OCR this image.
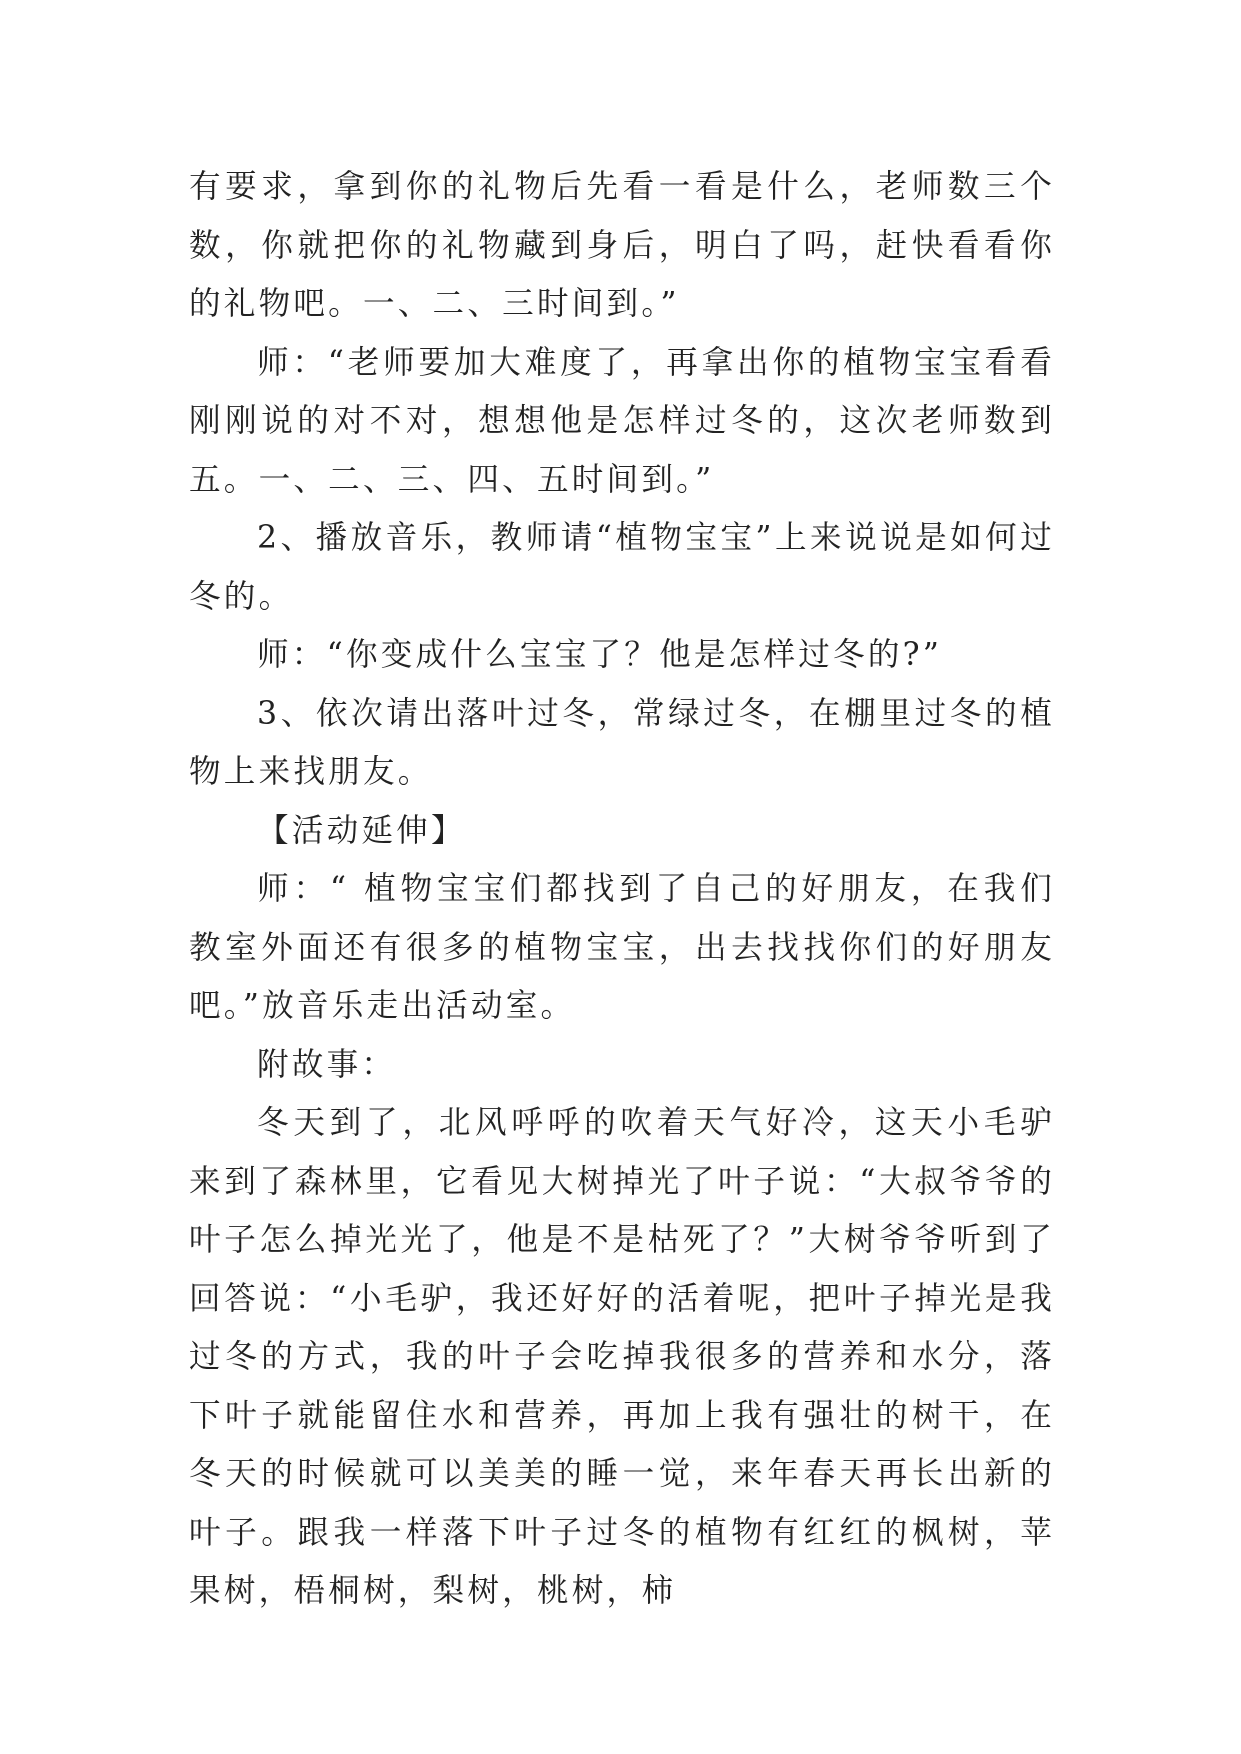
有要求，拿到你的礼物后先看一看是什么，老师数三个数，你就把你的礼物藏到身后，明白了吗，赶快看看你的礼物吧。一、二、三时间到。”

师：“老师要加大难度了，再拿出你的植物宝宝看看刚刚说的对不对，想想他是怎样过冬的，这次老师数到五。一、二、三、四、五时间到。”

2、播放音乐，教师请“植物宝宝”上来说说是如何过冬的。

师：“你变成什么宝宝了？他是怎样过冬的?”

3、依次请出落叶过冬，常绿过冬，在棚里过冬的植物上来找朋友。

【活动延伸】

师：“ 植物宝宝们都找到了自己的好朋友，在我们教室外面还有很多的植物宝宝，出去找找你们的好朋友吧。”放音乐走出活动室。

附故事：

冬天到了，北风呼呼的吹着天气好冷，这天小毛驴来到了森林里，它看见大树掉光了叶子说：“大叔爷爷的叶子怎么掉光光了，他是不是枯死了？”大树爷爷听到了回答说：“小毛驴，我还好好的活着呢，把叶子掉光是我过冬的方式，我的叶子会吃掉我很多的营养和水分，落下叶子就能留住水和营养，再加上我有强壮的树干，在冬天的时候就可以美美的睡一觉，来年春天再长出新的叶子。跟我一样落下叶子过冬的植物有红红的枫树，苹果树，梧桐树，梨树，桃树，柿
